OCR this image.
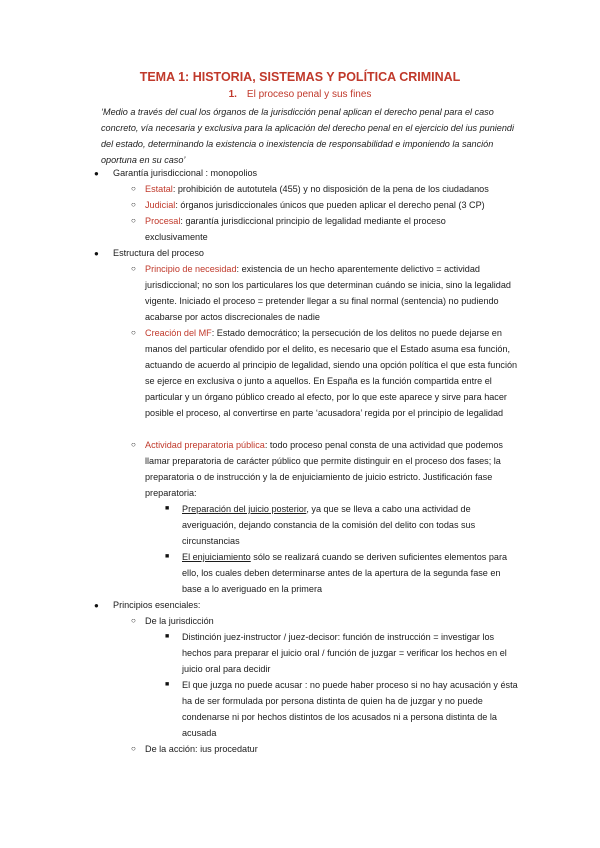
TEMA 1: HISTORIA, SISTEMAS Y POLÍTICA CRIMINAL
1. El proceso penal y sus fines
‘Medio a través del cual los órganos de la jurisdicción penal aplican el derecho penal para el caso concreto, vía necesaria y exclusiva para la aplicación del derecho penal en el ejercicio del ius puniendi del estado, determinando la existencia o inexistencia de responsabilidad e imponiendo la sanción oportuna en su caso’
● Garantía jurisdiccional : monopolios
○ Estatal: prohibición de autotutela (455) y no disposición de la pena de los ciudadanos
○ Judicial: órganos jurisdiccionales únicos que pueden aplicar el derecho penal (3 CP)
○ Procesal: garantía jurisdiccional principio de legalidad mediante el proceso exclusivamente
● Estructura del proceso
○ Principio de necesidad: existencia de un hecho aparentemente delictivo = actividad jurisdiccional; no son los particulares los que determinan cuándo se inicia, sino la legalidad vigente. Iniciado el proceso = pretender llegar a su final normal (sentencia) no pudiendo acabarse por actos discrecionales de nadie
○ Creación del MF: Estado democrático; la persecución de los delitos no puede dejarse en manos del particular ofendido por el delito, es necesario que el Estado asuma esa función, actuando de acuerdo al principio de legalidad, siendo una opción política el que esta función se ejerce en exclusiva o junto a aquellos. En España es la función compartida entre el particular y un órgano público creado al efecto, por lo que este aparece y sirve para hacer posible el proceso, al convertirse en parte ‘acusadora’ regida por el principio de legalidad
○ Actividad preparatoria pública: todo proceso penal consta de una actividad que podemos llamar preparatoria de carácter público que permite distinguir en el proceso dos fases; la preparatoria o de instrucción y la de enjuiciamiento de juicio estricto. Justificación fase preparatoria:
■ Preparación del juicio posterior, ya que se lleva a cabo una actividad de averiguación, dejando constancia de la comisión del delito con todas sus circunstancias
■ El enjuiciamiento sólo se realizará cuando se deriven suficientes elementos para ello, los cuales deben determinarse antes de la apertura de la segunda fase en base a lo averiguado en la primera
● Principios esenciales:
○ De la jurisdicción
■ Distinción juez-instructor / juez-decisor: función de instrucción = investigar los hechos para preparar el juicio oral / función de juzgar = verificar los hechos en el juicio oral para decidir
■ El que juzga no puede acusar : no puede haber proceso si no hay acusación y ésta ha de ser formulada por persona distinta de quien ha de juzgar y no puede condenarse ni por hechos distintos de los acusados ni a persona distinta de la acusada
○ De la acción: ius procedatur
